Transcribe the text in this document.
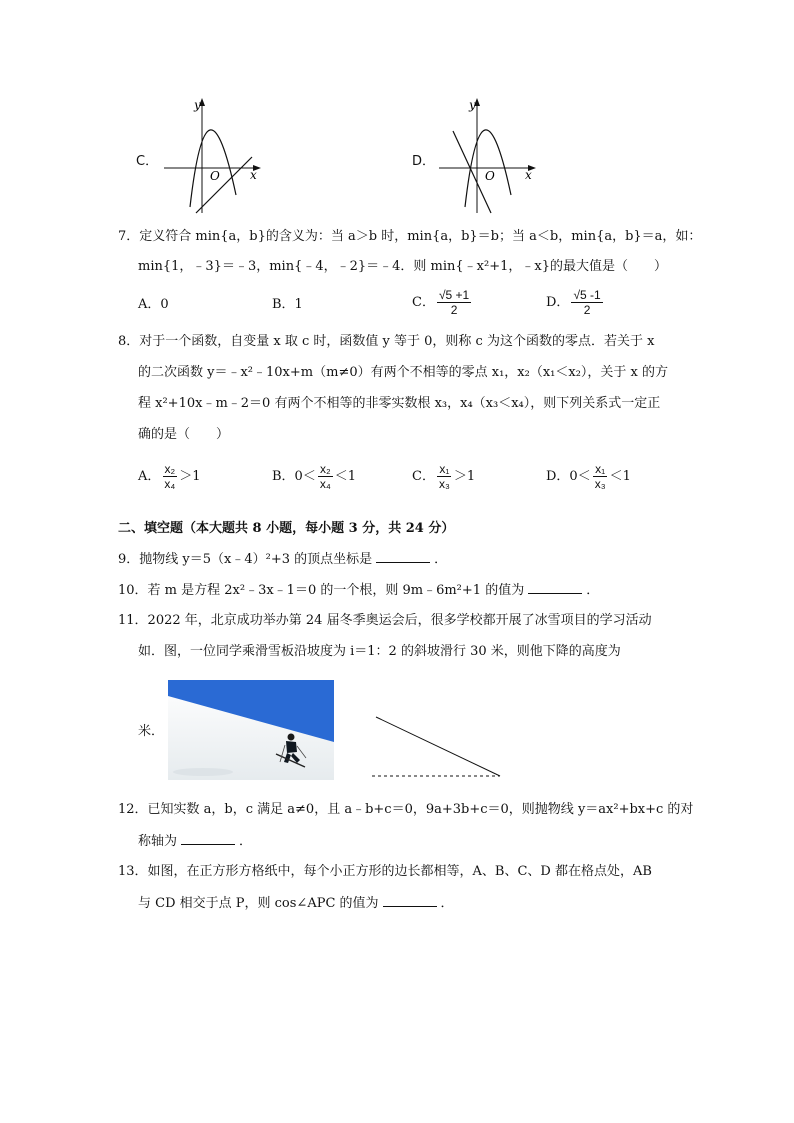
C．
y
x
O
D．
y
x
O
7．定义符合 min{a，b}的含义为：当 a＞b 时，min{a，b}＝b；当 a＜b，min{a，b}＝a，如：
min{1，﹣3}＝﹣3，min{﹣4，﹣2}＝﹣4．则 min{﹣x²+1，﹣x}的最大值是（　　）
A．0	B．1	C． $\frac{√5 +1}{2}$	D． $\frac{√5 -1}{2}$
8．对于一个函数，自变量 x 取 c 时，函数值 y 等于 0，则称 c 为这个函数的零点．若关于 x
的二次函数 y＝﹣x²﹣10x+m（m≠0）有两个不相等的零点 x₁，x₂（x₁＜x₂），关于 x 的方
程 x²+10x﹣m﹣2＝0 有两个不相等的非零实数根 x₃，x₄（x₃＜x₄），则下列关系式一定正
确的是（　　）
A． $\frac{\text{x₂}}{\text{x₄}} >1$	B．$0< \frac{\text{x₂}}{\text{x₄}} <1$	C． $\frac{\text{x₁}}{\text{x₃}} >1$	D．$0< \frac{\text{x₁}}{\text{x₃}} <1$
二、填空题（本大题共 8 小题，每小题 3 分，共 24 分）
9．抛物线 y＝5（x﹣4）²+3 的顶点坐标是	．
10．若 m 是方程 2x²﹣3x﹣1＝0 的一个根，则 9m﹣6m²+1 的值为	．
11．2022 年，北京成功举办第 24 届冬季奥运会后，很多学校都开展了冰雪项目的学习活动
如．图，一位同学乘滑雪板沿坡度为 i＝1：2 的斜坡滑行 30 米，则他下降的高度为
米．
12．已知实数 a，b，c 满足 a≠0，且 a﹣b+c＝0，9a+3b+c＝0，则抛物线 y＝ax²+bx+c 的对
称轴为	．
13．如图，在正方形方格纸中，每个小正方形的边长都相等，A、B、C、D 都在格点处，AB
与 CD 相交于点 P，则 cos∠APC 的值为	．
